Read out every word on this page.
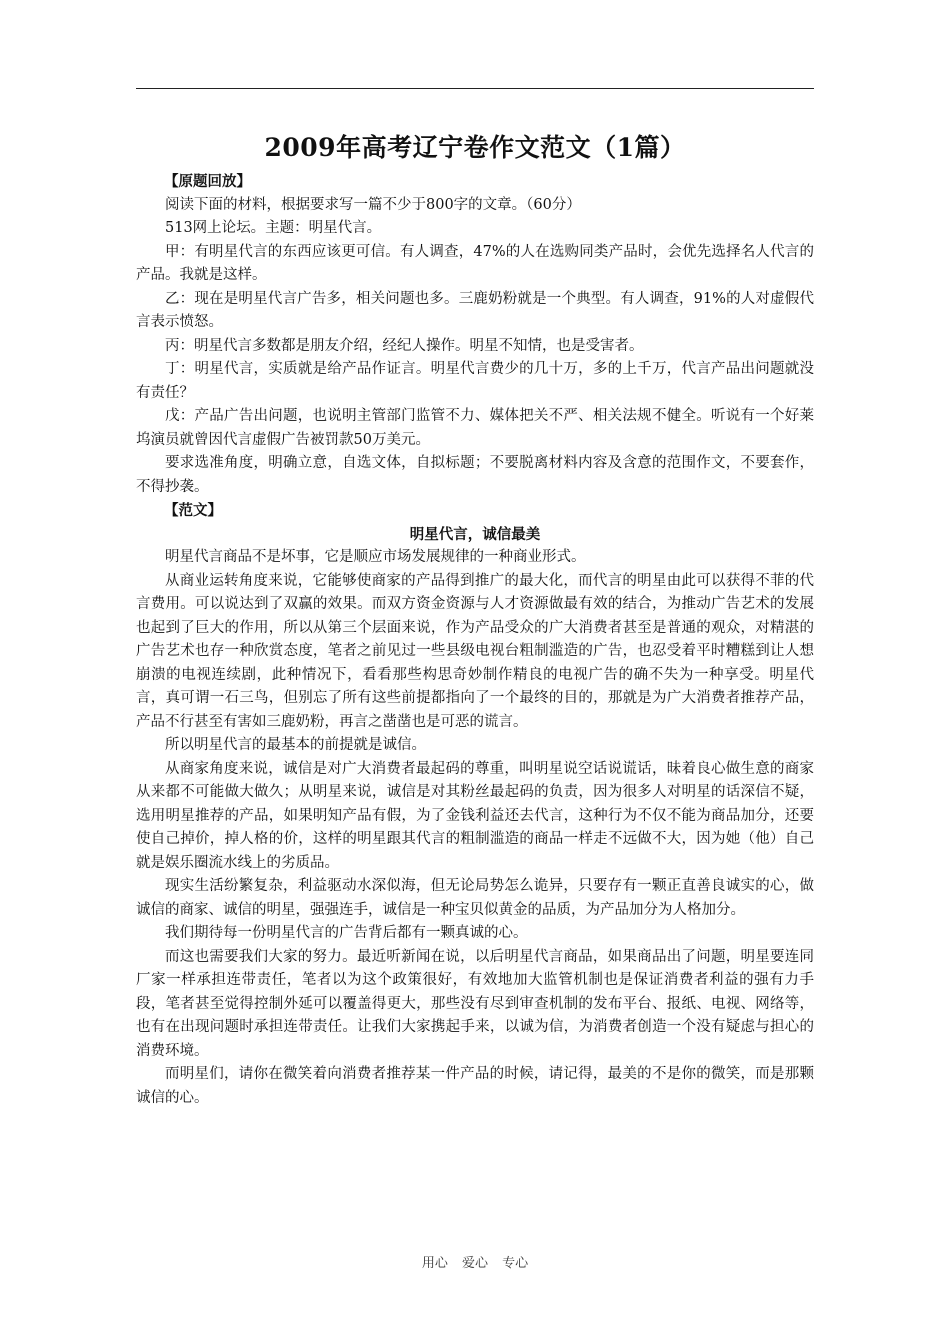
2009年高考辽宁卷作文范文（1篇）

【原题回放】

阅读下面的材料，根据要求写一篇不少于800字的文章。（60分）

513网上论坛。主题：明星代言。

甲：有明星代言的东西应该更可信。有人调查，47%的人在选购同类产品时，会优先选择名人代言的产品。我就是这样。

乙：现在是明星代言广告多，相关问题也多。三鹿奶粉就是一个典型。有人调查，91%的人对虚假代言表示愤怒。

丙：明星代言多数都是朋友介绍，经纪人操作。明星不知情，也是受害者。

丁：明星代言，实质就是给产品作证言。明星代言费少的几十万，多的上千万，代言产品出问题就没有责任？

戊：产品广告出问题，也说明主管部门监管不力、媒体把关不严、相关法规不健全。听说有一个好莱坞演员就曾因代言虚假广告被罚款50万美元。

要求选准角度，明确立意，自选文体，自拟标题；不要脱离材料内容及含意的范围作文，不要套作，不得抄袭。

【范文】

明星代言，诚信最美

明星代言商品不是坏事，它是顺应市场发展规律的一种商业形式。

从商业运转角度来说，它能够使商家的产品得到推广的最大化，而代言的明星由此可以获得不菲的代言费用。可以说达到了双赢的效果。而双方资金资源与人才资源做最有效的结合，为推动广告艺术的发展也起到了巨大的作用，所以从第三个层面来说，作为产品受众的广大消费者甚至是普通的观众，对精湛的广告艺术也存一种欣赏态度，笔者之前见过一些县级电视台粗制滥造的广告，也忍受着平时糟糕到让人想崩溃的电视连续剧，此种情况下，看看那些构思奇妙制作精良的电视广告的确不失为一种享受。明星代言，真可谓一石三鸟，但别忘了所有这些前提都指向了一个最终的目的，那就是为广大消费者推荐产品，产品不行甚至有害如三鹿奶粉，再言之凿凿也是可恶的谎言。

所以明星代言的最基本的前提就是诚信。

从商家角度来说，诚信是对广大消费者最起码的尊重，叫明星说空话说谎话，昧着良心做生意的商家从来都不可能做大做久；从明星来说，诚信是对其粉丝最起码的负责，因为很多人对明星的话深信不疑，选用明星推荐的产品，如果明知产品有假，为了金钱利益还去代言，这种行为不仅不能为商品加分，还要使自己掉价，掉人格的价，这样的明星跟其代言的粗制滥造的商品一样走不远做不大，因为她（他）自己就是娱乐圈流水线上的劣质品。

现实生活纷繁复杂，利益驱动水深似海，但无论局势怎么诡异，只要存有一颗正直善良诚实的心，做诚信的商家、诚信的明星，强强连手，诚信是一种宝贝似黄金的品质，为产品加分为人格加分。

我们期待每一份明星代言的广告背后都有一颗真诚的心。

而这也需要我们大家的努力。最近听新闻在说，以后明星代言商品，如果商品出了问题，明星要连同厂家一样承担连带责任，笔者以为这个政策很好，有效地加大监管机制也是保证消费者利益的强有力手段，笔者甚至觉得控制外延可以覆盖得更大，那些没有尽到审查机制的发布平台、报纸、电视、网络等，也有在出现问题时承担连带责任。让我们大家携起手来，以诚为信，为消费者创造一个没有疑虑与担心的消费环境。

而明星们，请你在微笑着向消费者推荐某一件产品的时候，请记得，最美的不是你的微笑，而是那颗诚信的心。

用心 爱心 专心
